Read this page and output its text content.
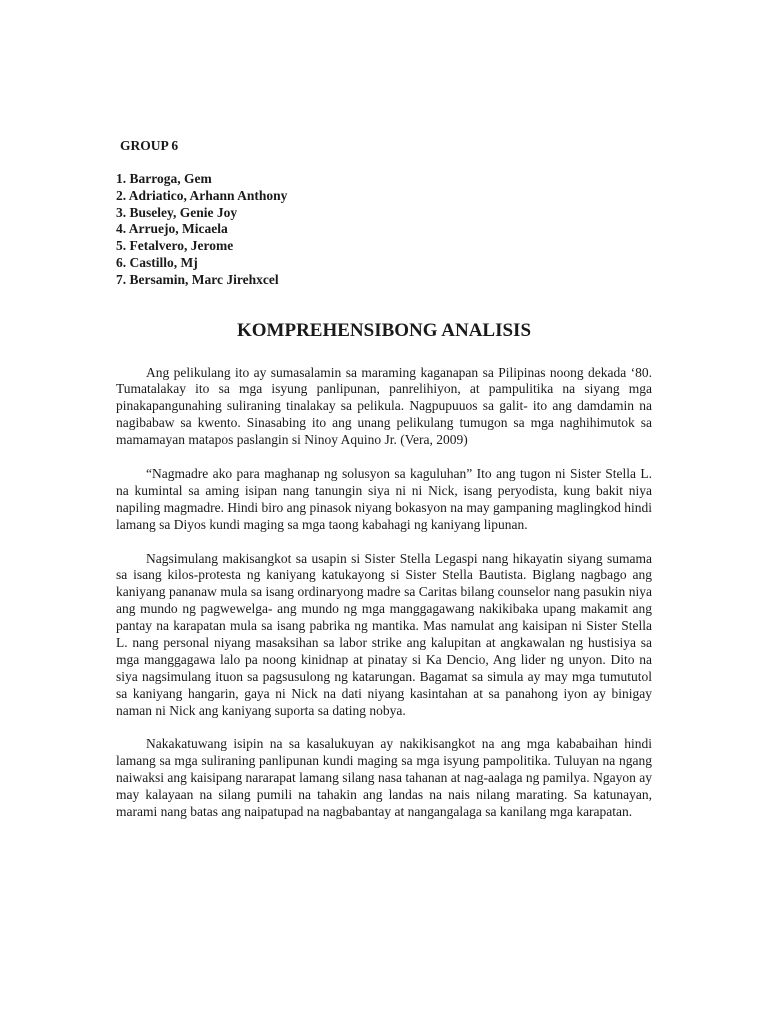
GROUP 6
1. Barroga, Gem
2. Adriatico, Arhann Anthony
3. Buseley, Genie Joy
4. Arruejo, Micaela
5. Fetalvero, Jerome
6. Castillo, Mj
7. Bersamin, Marc Jirehxcel
KOMPREHENSIBONG ANALISIS

Ang pelikulang ito ay sumasalamin sa maraming kaganapan sa Pilipinas noong dekada ‘80. Tumatalakay ito sa mga isyung panlipunan, panrelihiyon, at pampulitika na siyang mga pinakapangunahing suliraning tinalakay sa pelikula. Nagpupuuos sa galit- ito ang damdamin na nagibabaw sa kwento. Sinasabing ito ang unang pelikulang tumugon sa mga naghihimutok sa mamamayan matapos paslangin si Ninoy Aquino Jr. (Vera, 2009)

“Nagmadre ako para maghanap ng solusyon sa kaguluhan” Ito ang tugon ni Sister Stella L. na kumintal sa aming isipan nang tanungin siya ni ni Nick, isang peryodista, kung bakit niya napiling magmadre. Hindi biro ang pinasok niyang bokasyon na may gampaning maglingkod hindi lamang sa Diyos kundi maging sa mga taong kabahagi ng kaniyang lipunan.

Nagsimulang makisangkot sa usapin si Sister Stella Legaspi nang hikayatin siyang sumama sa isang kilos-protesta ng kaniyang katukayong si Sister Stella Bautista. Biglang nagbago ang kaniyang pananaw mula sa isang ordinaryong madre sa Caritas bilang counselor nang pasukin niya ang mundo ng pagwewelga- ang mundo ng mga manggagawang nakikibaka upang makamit ang pantay na karapatan mula sa isang pabrika ng mantika. Mas namulat ang kaisipan ni Sister Stella L. nang personal niyang masaksihan sa labor strike ang kalupitan at angkawalan ng hustisiya sa mga manggagawa lalo pa noong kinidnap at pinatay si Ka Dencio, Ang lider ng unyon. Dito na siya nagsimulang ituon sa pagsusulong ng katarungan. Bagamat sa simula ay may mga tumututol sa kaniyang hangarin, gaya ni Nick na dati niyang kasintahan at sa panahong iyon ay binigay naman ni Nick ang kaniyang suporta sa dating nobya.

Nakakatuwang isipin na sa kasalukuyan ay nakikisangkot na ang mga kababaihan hindi lamang sa mga suliraning panlipunan kundi maging sa mga isyung pampolitika. Tuluyan na ngang naiwaksi ang kaisipang nararapat lamang silang nasa tahanan at nag-aalaga ng pamilya. Ngayon ay may kalayaan na silang pumili na tahakin ang landas na nais nilang marating. Sa katunayan, marami nang batas ang naipatupad na nagbabantay at nangangalaga sa kanilang mga karapatan.
